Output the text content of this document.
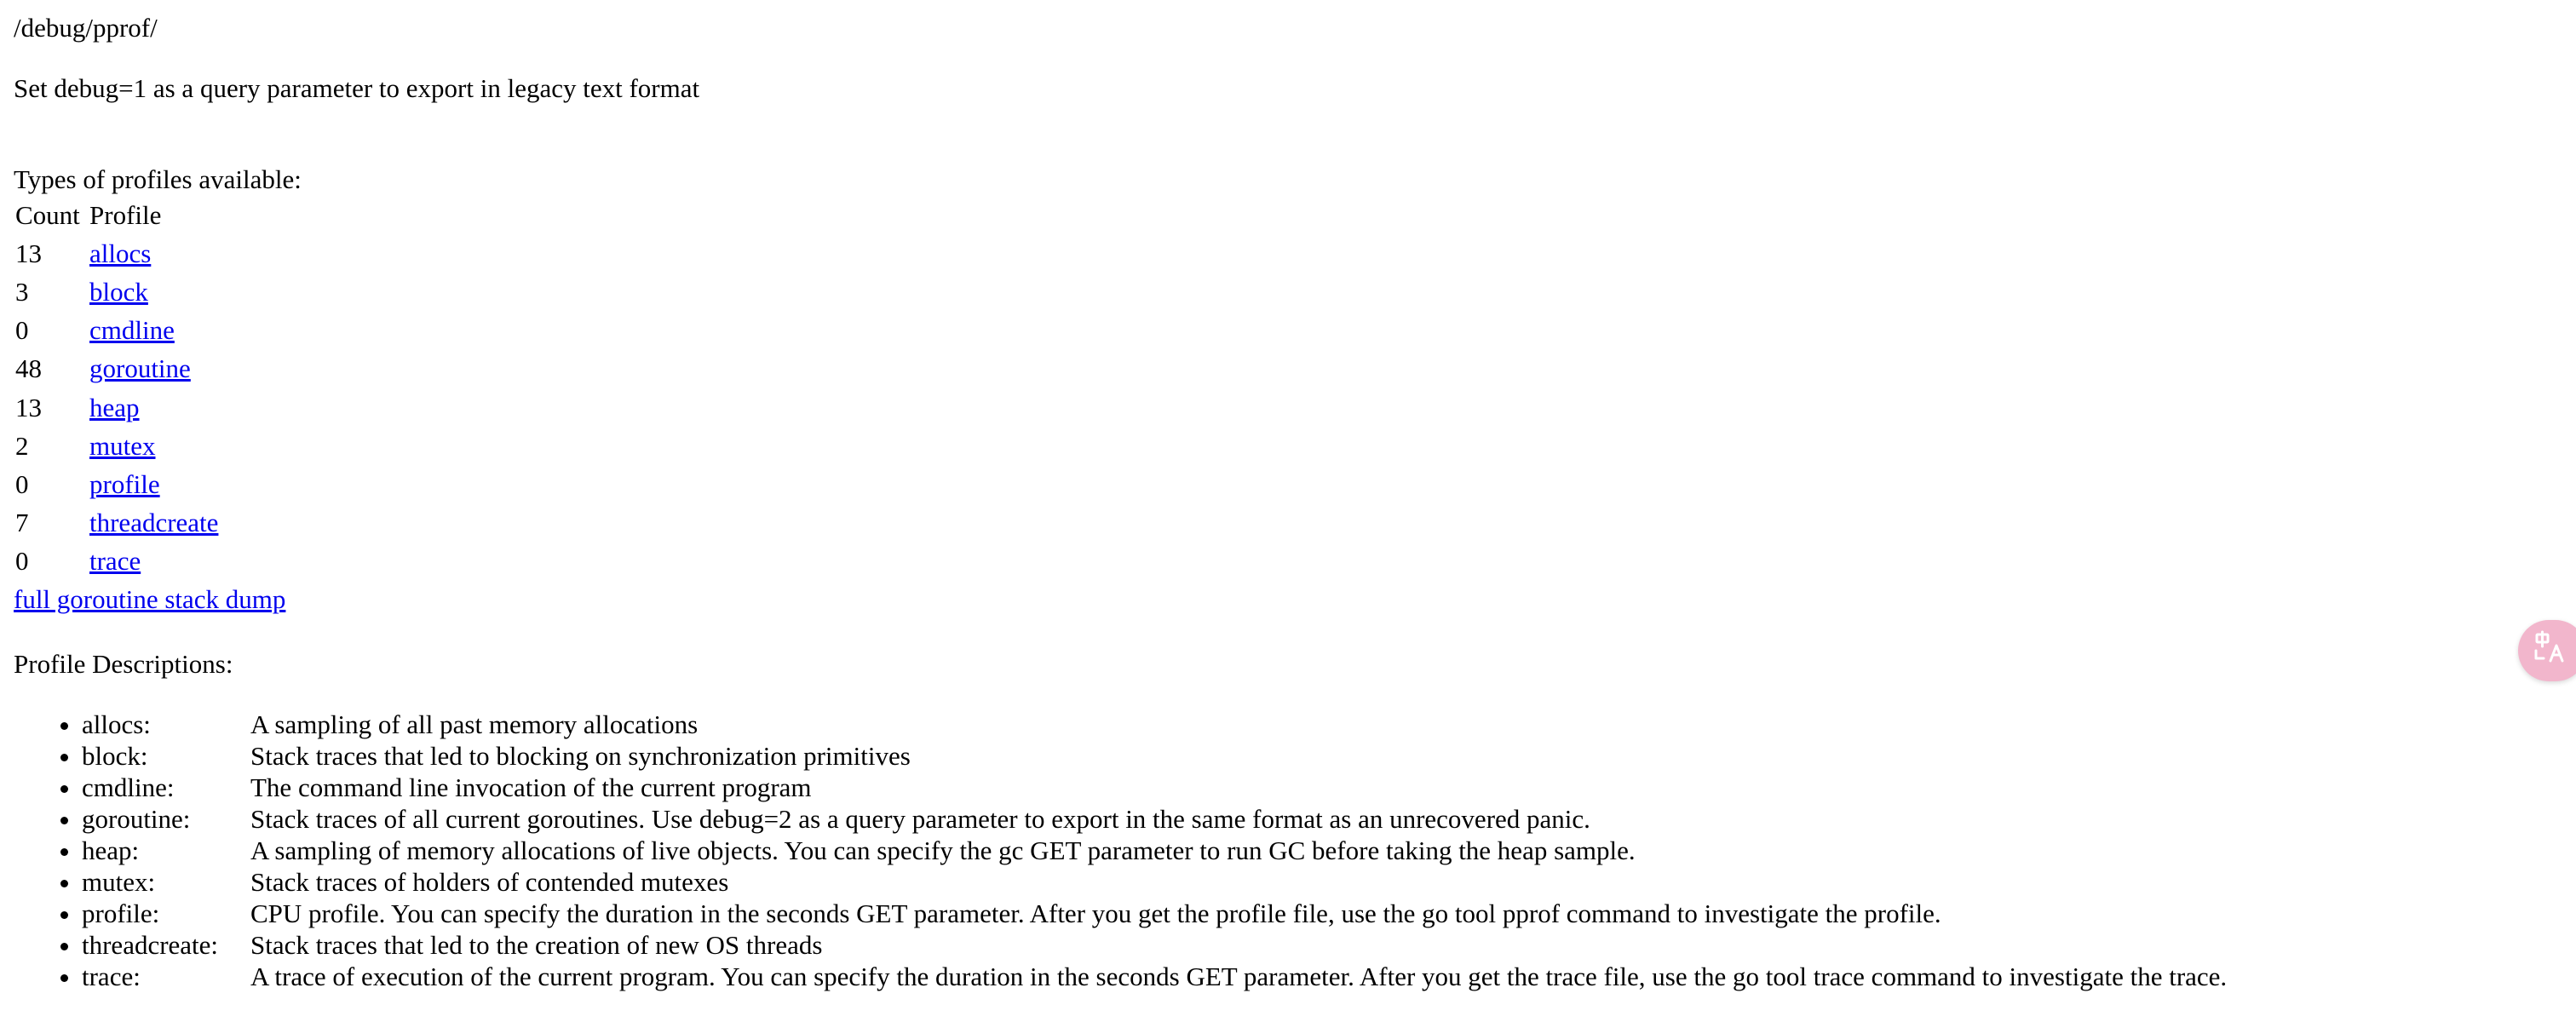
/debug/pprof/

Set debug=1 as a query parameter to export in legacy text format

Types of profiles available:
Count	Profile
13	allocs
3	block
0	cmdline
48	goroutine
13	heap
2	mutex
0	profile
7	threadcreate
0	trace
full goroutine stack dump

Profile Descriptions:

• allocs:	A sampling of all past memory allocations
• block:	Stack traces that led to blocking on synchronization primitives
• cmdline:	The command line invocation of the current program
• goroutine: Stack traces of all current goroutines. Use debug=2 as a query parameter to export in the same format as an unrecovered panic.
• heap:	A sampling of memory allocations of live objects. You can specify the gc GET parameter to run GC before taking the heap sample.
• mutex:	Stack traces of holders of contended mutexes
• profile:	CPU profile. You can specify the duration in the seconds GET parameter. After you get the profile file, use the go tool pprof command to investigate the profile.
• threadcreate: Stack traces that led to the creation of new OS threads
• trace:	A trace of execution of the current program. You can specify the duration in the seconds GET parameter. After you get the trace file, use the go tool trace command to investigate the trace.
